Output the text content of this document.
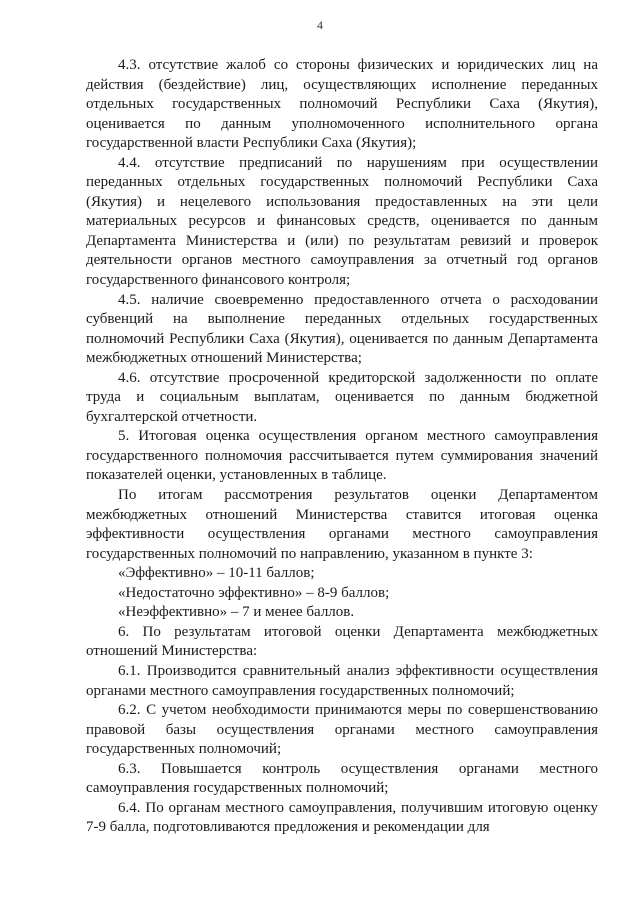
4

4.3. отсутствие жалоб со стороны физических и юридических лиц на действия (бездействие) лиц, осуществляющих исполнение переданных отдельных государственных полномочий Республики Саха (Якутия), оценивается по данным уполномоченного исполнительного органа государственной власти Республики Саха (Якутия);

4.4. отсутствие предписаний по нарушениям при осуществлении переданных отдельных государственных полномочий Республики Саха (Якутия) и нецелевого использования предоставленных на эти цели материальных ресурсов и финансовых средств, оценивается по данным Департамента Министерства и (или) по результатам ревизий и проверок деятельности органов местного самоуправления за отчетный год органов государственного финансового контроля;

4.5. наличие своевременно предоставленного отчета о расходовании субвенций на выполнение переданных отдельных государственных полномочий Республики Саха (Якутия), оценивается по данным Департамента межбюджетных отношений Министерства;

4.6. отсутствие просроченной кредиторской задолженности по оплате труда и социальным выплатам, оценивается по данным бюджетной бухгалтерской отчетности.

5. Итоговая оценка осуществления органом местного самоуправления государственного полномочия рассчитывается путем суммирования значений показателей оценки, установленных в таблице.

По итогам рассмотрения результатов оценки Департаментом межбюджетных отношений Министерства ставится итоговая оценка эффективности осуществления органами местного самоуправления государственных полномочий по направлению, указанном в пункте 3:

«Эффективно» – 10-11 баллов;

«Недостаточно эффективно» – 8-9 баллов;

«Неэффективно» – 7 и менее баллов.

6. По результатам итоговой оценки Департамента межбюджетных отношений Министерства:

6.1. Производится сравнительный анализ эффективности осуществления органами местного самоуправления государственных полномочий;

6.2. С учетом необходимости принимаются меры по совершенствованию правовой базы осуществления органами местного самоуправления государственных полномочий;

6.3. Повышается контроль осуществления органами местного самоуправления государственных полномочий;

6.4. По органам местного самоуправления, получившим итоговую оценку 7-9 балла, подготовливаются предложения и рекомендации для
